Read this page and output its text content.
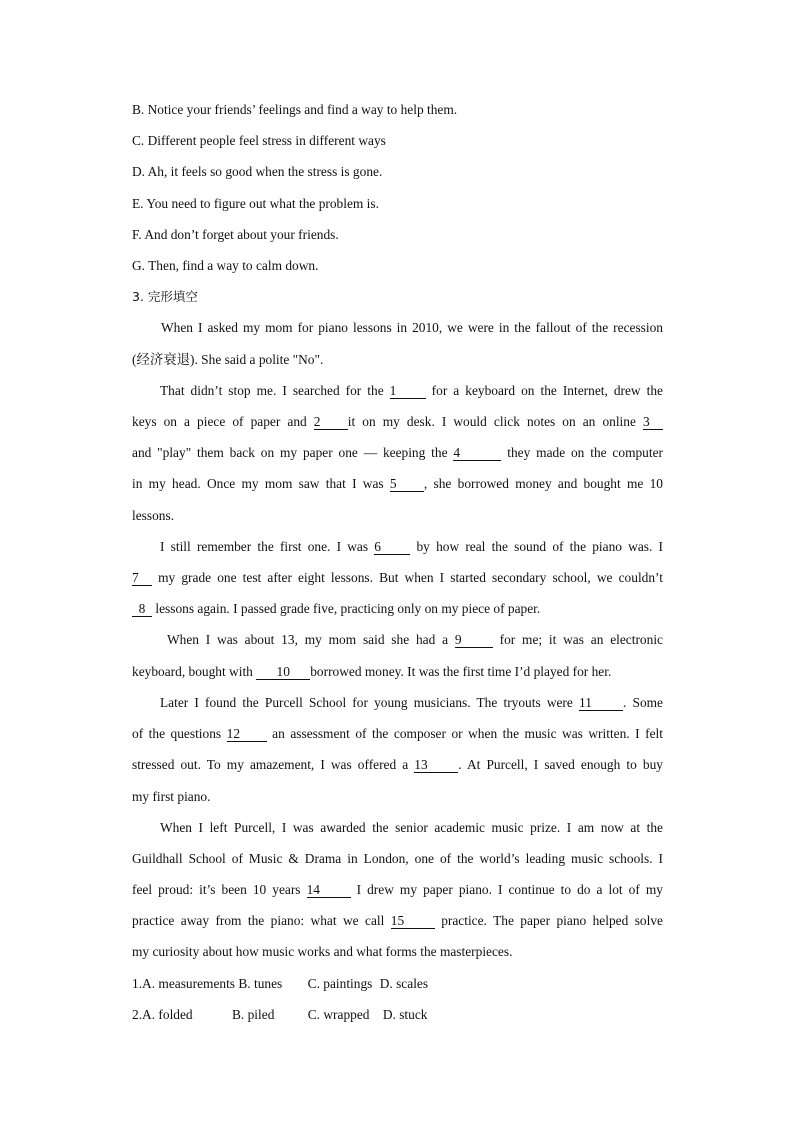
B. Notice your friends’ feelings and find a way to help them.
C. Different people feel stress in different ways
D. Ah, it feels so good when the stress is gone.
E. You need to figure out what the problem is.
F. And don’t forget about your friends.
G. Then, find a way to calm down.
3. 完形填空
When I asked my mom for piano lessons in 2010, we were in the fallout of the recession
(经济衰退). She said a polite "No".
That didn’t stop me. I searched for the 1	for a keyboard on the Internet, drew the
keys on a piece of paper and 2 it on my desk. I would click notes on an online 3
and "play" them back on my paper one — keeping the 4	they made on the computer
in my head. Once my mom saw that I was 5 , she borrowed money and bought me 10
lessons.
I still remember the first one. I was 6	by how real the sound of the piano was. I
7 my grade one test after eight lessons. But when I started secondary school, we couldn’t
8 lessons again. I passed grade five, practicing only on my piece of paper.
When I was about 13, my mom said she had a 9	for me; it was an electronic
keyboard, bought with 10 borrowed money. It was the first time I’d played for her.
Later I found the Purcell School for young musicians. The tryouts were 11 . Some
of the questions 12 an assessment of the composer or when the music was written. I felt
stressed out. To my amazement, I was offered a 13 . At Purcell, I saved enough to buy
my first piano.
When I left Purcell, I was awarded the senior academic music prize. I am now at the
Guildhall School of Music & Drama in London, one of the world’s leading music schools. I
feel proud: it’s been 10 years 14	I drew my paper piano. I continue to do a lot of my
practice away from the piano: what we call 15	practice. The paper piano helped solve
my curiosity about how music works and what forms the masterpieces.
1.A. measurements B. tunes C. paintings D. scales
2.A. folded	B. piled C. wrapped D. stuck
